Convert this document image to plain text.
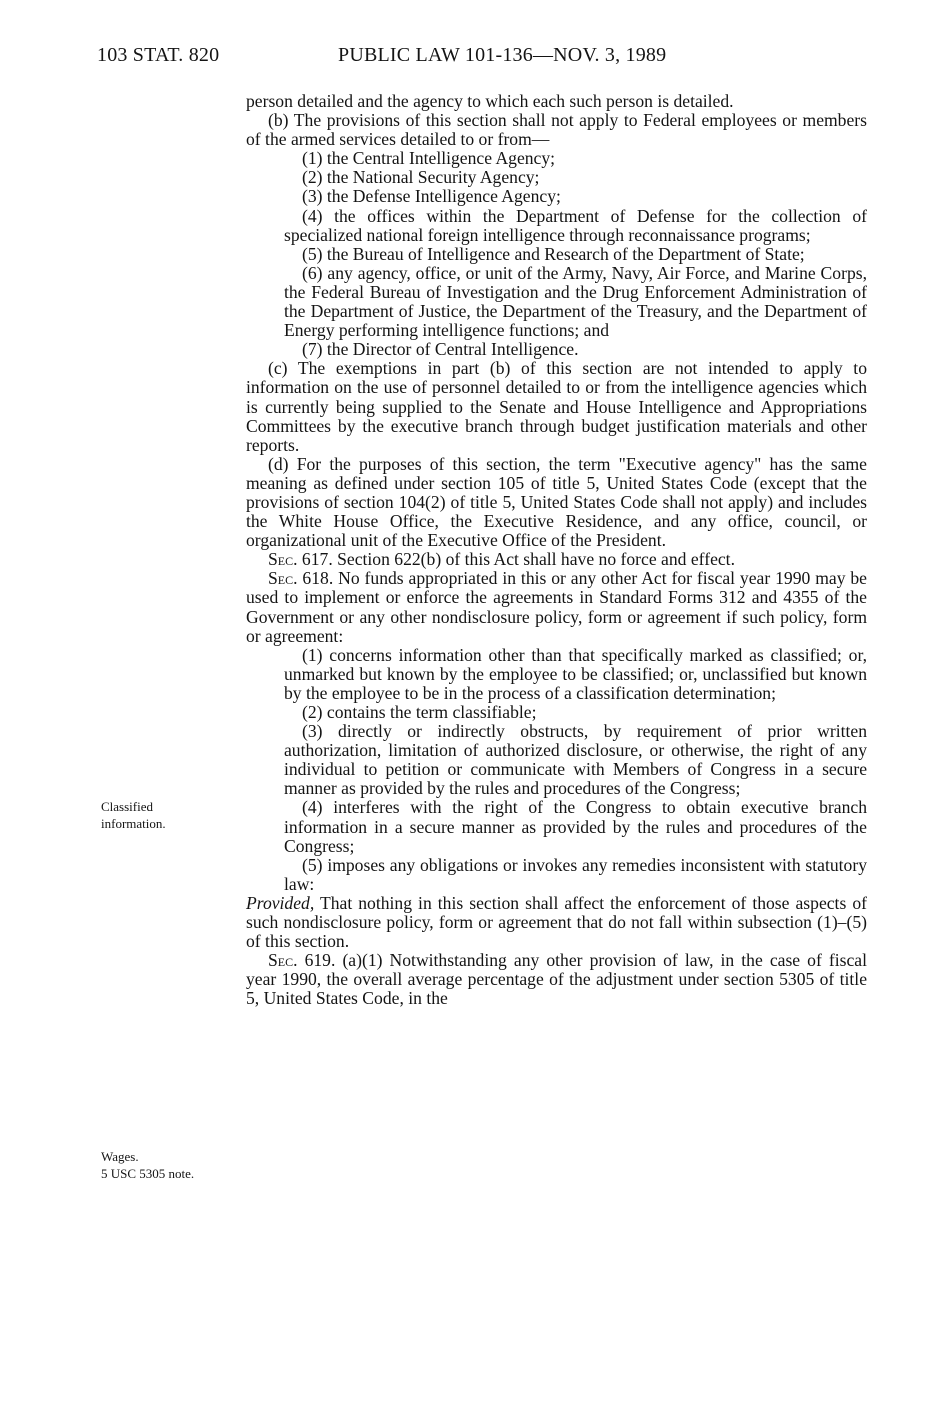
103 STAT. 820	PUBLIC LAW 101-136—NOV. 3, 1989
Classified
information.
Wages.
5 USC 5305 note.

person detailed and the agency to which each such person is detailed.

(b) The provisions of this section shall not apply to Federal employees or members of the armed services detailed to or from—

(1) the Central Intelligence Agency;

(2) the National Security Agency;

(3) the Defense Intelligence Agency;

(4) the offices within the Department of Defense for the collection of specialized national foreign intelligence through reconnaissance programs;

(5) the Bureau of Intelligence and Research of the Department of State;

(6) any agency, office, or unit of the Army, Navy, Air Force, and Marine Corps, the Federal Bureau of Investigation and the Drug Enforcement Administration of the Department of Justice, the Department of the Treasury, and the Department of Energy performing intelligence functions; and

(7) the Director of Central Intelligence.

(c) The exemptions in part (b) of this section are not intended to apply to information on the use of personnel detailed to or from the intelligence agencies which is currently being supplied to the Senate and House Intelligence and Appropriations Committees by the executive branch through budget justification materials and other reports.

(d) For the purposes of this section, the term "Executive agency" has the same meaning as defined under section 105 of title 5, United States Code (except that the provisions of section 104(2) of title 5, United States Code shall not apply) and includes the White House Office, the Executive Residence, and any office, council, or organizational unit of the Executive Office of the President.

Sec. 617. Section 622(b) of this Act shall have no force and effect.

Sec. 618. No funds appropriated in this or any other Act for fiscal year 1990 may be used to implement or enforce the agreements in Standard Forms 312 and 4355 of the Government or any other nondisclosure policy, form or agreement if such policy, form or agreement:

(1) concerns information other than that specifically marked as classified; or, unmarked but known by the employee to be classified; or, unclassified but known by the employee to be in the process of a classification determination;

(2) contains the term classifiable;

(3) directly or indirectly obstructs, by requirement of prior written authorization, limitation of authorized disclosure, or otherwise, the right of any individual to petition or communicate with Members of Congress in a secure manner as provided by the rules and procedures of the Congress;

(4) interferes with the right of the Congress to obtain executive branch information in a secure manner as provided by the rules and procedures of the Congress;

(5) imposes any obligations or invokes any remedies inconsistent with statutory law:

Provided, That nothing in this section shall affect the enforcement of those aspects of such nondisclosure policy, form or agreement that do not fall within subsection (1)–(5) of this section.

Sec. 619. (a)(1) Notwithstanding any other provision of law, in the case of fiscal year 1990, the overall average percentage of the adjustment under section 5305 of title 5, United States Code, in the
